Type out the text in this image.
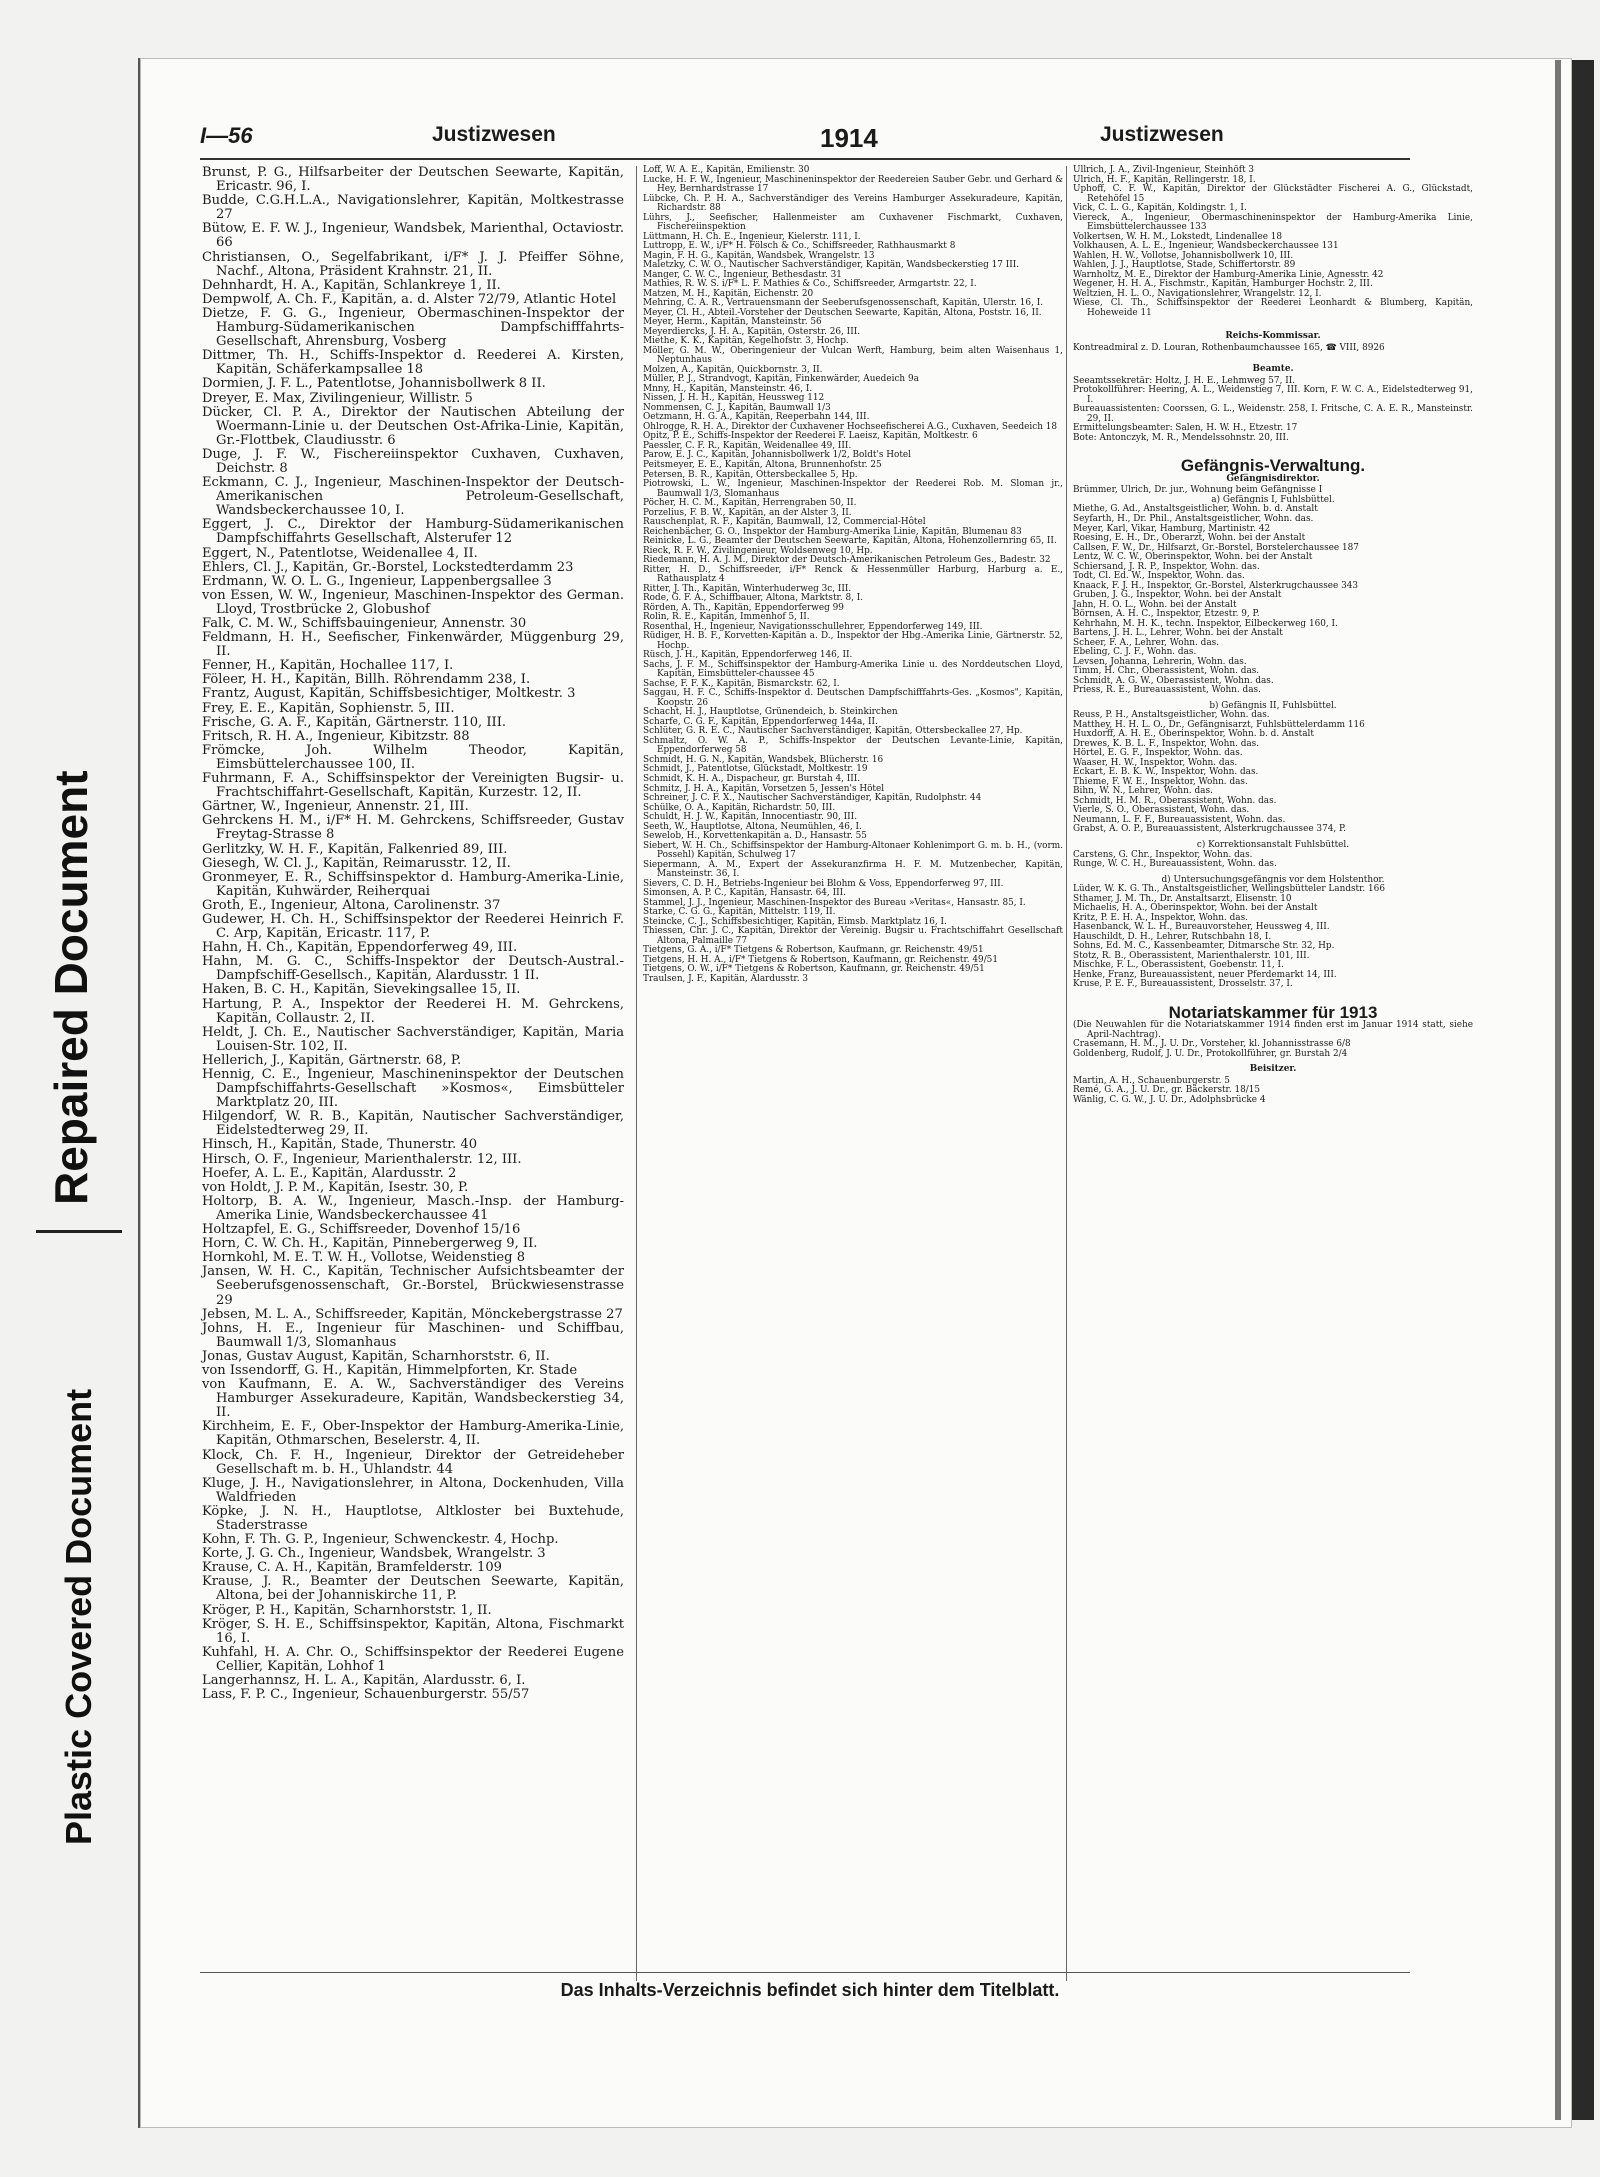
Repaired Document
Plastic Covered Document
I—56	Justizwesen	1914	Justizwesen

Brunst, P. G., Hilfsarbeiter der Deutschen Seewarte, Kapitän, Ericastr. 96, I.

Budde, C.G.H.L.A., Navigationslehrer, Kapitän, Moltkestrasse 27

Bütow, E. F. W. J., Ingenieur, Wandsbek, Marienthal, Octaviostr. 66

Christiansen, O., Segelfabrikant, i/F* J. J. Pfeiffer Söhne, Nachf., Altona, Präsident Krahnstr. 21, II.

Dehnhardt, H. A., Kapitän, Schlankreye 1, II.

Dempwolf, A. Ch. F., Kapitän, a. d. Alster 72/79, Atlantic Hotel

Dietze, F. G. G., Ingenieur, Obermaschinen-Inspektor der Hamburg-Südamerikanischen Dampfschifffahrts-Gesellschaft, Ahrensburg, Vosberg

Dittmer, Th. H., Schiffs-Inspektor d. Reederei A. Kirsten, Kapitän, Schäferkampsallee 18

Dormien, J. F. L., Patentlotse, Johannisbollwerk 8 II.

Dreyer, E. Max, Zivilingenieur, Willistr. 5

Dücker, Cl. P. A., Direktor der Nautischen Abteilung der Woermann-Linie u. der Deutschen Ost-Afrika-Linie, Kapitän, Gr.-Flottbek, Claudiusstr. 6

Duge, J. F. W., Fischereiinspektor Cuxhaven, Cuxhaven, Deichstr. 8

Eckmann, C. J., Ingenieur, Maschinen-Inspektor der Deutsch-Amerikanischen Petroleum-Gesellschaft, Wandsbeckerchaussee 10, I.

Eggert, J. C., Direktor der Hamburg-Südamerikanischen Dampfschiffahrts Gesellschaft, Alsterufer 12

Eggert, N., Patentlotse, Weidenallee 4, II.

Ehlers, Cl. J., Kapitän, Gr.-Borstel, Lockstedterdamm 23

Erdmann, W. O. L. G., Ingenieur, Lappenbergsallee 3

von Essen, W. W., Ingenieur, Maschinen-Inspektor des German. Lloyd, Trostbrücke 2, Globushof

Falk, C. M. W., Schiffsbauingenieur, Annenstr. 30

Feldmann, H. H., Seefischer, Finkenwärder, Müggenburg 29, II.

Fenner, H., Kapitän, Hochallee 117, I.

Föleer, H. H., Kapitän, Billh. Röhrendamm 238, I.

Frantz, August, Kapitän, Schiffsbesichtiger, Moltkestr. 3

Frey, E. E., Kapitän, Sophienstr. 5, III.

Frische, G. A. F., Kapitän, Gärtnerstr. 110, III.

Fritsch, R. H. A., Ingenieur, Kibitzstr. 88

Frömcke, Joh. Wilhelm Theodor, Kapitän, Eimsbüttelerchaussee 100, II.

Fuhrmann, F. A., Schiffsinspektor der Vereinigten Bugsir- u. Frachtschiffahrt-Gesellschaft, Kapitän, Kurzestr. 12, II.

Gärtner, W., Ingenieur, Annenstr. 21, III.

Gehrckens H. M., i/F* H. M. Gehrckens, Schiffsreeder, Gustav Freytag-Strasse 8

Gerlitzky, W. H. F., Kapitän, Falkenried 89, III.

Giesegh, W. Cl. J., Kapitän, Reimarusstr. 12, II.

Gronmeyer, E. R., Schiffsinspektor d. Hamburg-Amerika-Linie, Kapitän, Kuhwärder, Reiherquai

Groth, E., Ingenieur, Altona, Carolinenstr. 37

Gudewer, H. Ch. H., Schiffsinspektor der Reederei Heinrich F. C. Arp, Kapitän, Ericastr. 117, P.

Hahn, H. Ch., Kapitän, Eppendorferweg 49, III.

Hahn, M. G. C., Schiffs-Inspektor der Deutsch-Austral.-Dampfschiff-Gesellsch., Kapitän, Alardusstr. 1 II.

Haken, B. C. H., Kapitän, Sievekingsallee 15, II.

Hartung, P. A., Inspektor der Reederei H. M. Gehrckens, Kapitän, Collaustr. 2, II.

Heldt, J. Ch. E., Nautischer Sachverständiger, Kapitän, Maria Louisen-Str. 102, II.

Hellerich, J., Kapitän, Gärtnerstr. 68, P.

Hennig, C. E., Ingenieur, Maschineninspektor der Deutschen Dampfschiffahrts-Gesellschaft »Kosmos«, Eimsbütteler Marktplatz 20, III.

Hilgendorf, W. R. B., Kapitän, Nautischer Sachverständiger, Eidelstedterweg 29, II.

Hinsch, H., Kapitän, Stade, Thunerstr. 40

Hirsch, O. F., Ingenieur, Marienthalerstr. 12, III.

Hoefer, A. L. E., Kapitän, Alardusstr. 2

von Holdt, J. P. M., Kapitän, Isestr. 30, P.

Holtorp, B. A. W., Ingenieur, Masch.-Insp. der Hamburg-Amerika Linie, Wandsbeckerchaussee 41

Holtzapfel, E. G., Schiffsreeder, Dovenhof 15/16

Horn, C. W. Ch. H., Kapitän, Pinnebergerweg 9, II.

Hornkohl, M. E. T. W. H., Vollotse, Weidenstieg 8

Jansen, W. H. C., Kapitän, Technischer Aufsichtsbeamter der Seeberufsgenossenschaft, Gr.-Borstel, Brückwiesenstrasse 29

Jebsen, M. L. A., Schiffsreeder, Kapitän, Mönckebergstrasse 27

Johns, H. E., Ingenieur für Maschinen- und Schiffbau, Baumwall 1/3, Slomanhaus

Jonas, Gustav August, Kapitän, Scharnhorststr. 6, II.

von Issendorff, G. H., Kapitän, Himmelpforten, Kr. Stade

von Kaufmann, E. A. W., Sachverständiger des Vereins Hamburger Assekuradeure, Kapitän, Wandsbeckerstieg 34, II.

Kirchheim, E. F., Ober-Inspektor der Hamburg-Amerika-Linie, Kapitän, Othmarschen, Beselerstr. 4, II.

Klock, Ch. F. H., Ingenieur, Direktor der Getreideheber Gesellschaft m. b. H., Uhlandstr. 44

Kluge, J. H., Navigationslehrer, in Altona, Dockenhuden, Villa Waldfrieden

Köpke, J. N. H., Hauptlotse, Altkloster bei Buxtehude, Staderstrasse

Kohn, F. Th. G. P., Ingenieur, Schwenckestr. 4, Hochp.

Korte, J. G. Ch., Ingenieur, Wandsbek, Wrangelstr. 3

Krause, C. A. H., Kapitän, Bramfelderstr. 109

Krause, J. R., Beamter der Deutschen Seewarte, Kapitän, Altona, bei der Johanniskirche 11, P.

Kröger, P. H., Kapitän, Scharnhorststr. 1, II.

Kröger, S. H. E., Schiffsinspektor, Kapitän, Altona, Fischmarkt 16, I.

Kuhfahl, H. A. Chr. O., Schiffsinspektor der Reederei Eugene Cellier, Kapitän, Lohhof 1

Langerhannsz, H. L. A., Kapitän, Alardusstr. 6, I.

Lass, F. P. C., Ingenieur, Schauenburgerstr. 55/57

Loff, W. A. E., Kapitän, Emilienstr. 30

Lucke, H. F. W., Ingenieur, Maschineninspektor der Reedereien Sauber Gebr. und Gerhard & Hey, Bernhardstrasse 17

Lübcke, Ch. P. H. A., Sachverständiger des Vereins Hamburger Assekuradeure, Kapitän, Richardstr. 88

Lührs, J., Seefischer, Hallenmeister am Cuxhavener Fischmarkt, Cuxhaven, Fischereiinspektion

Lüttmann, H. Ch. E., Ingenieur, Kielerstr. 111, I.

Luttropp, E. W., i/F* H. Fölsch & Co., Schiffsreeder, Rathhausmarkt 8

Magin, F. H. G., Kapitän, Wandsbek, Wrangelstr. 13

Maletzky, C. W. O., Nautischer Sachverständiger, Kapitän, Wandsbeckerstieg 17 III.

Manger, C. W. C., Ingenieur, Bethesdastr. 31

Mathies, R. W. S. i/F* L. F. Mathies & Co., Schiffsreeder, Armgartstr. 22, I.

Matzen, M. H., Kapitän, Eichenstr. 20

Mehring, C. A. R., Vertrauensmann der Seeberufsgenossenschaft, Kapitän, Ulerstr. 16, I.

Meyer, Cl. H., Abteil.-Vorsteher der Deutschen Seewarte, Kapitän, Altona, Poststr. 16, II.

Meyer, Herm., Kapitän, Mansteinstr. 56

Meyerdiercks, J. H. A., Kapitän, Osterstr. 26, III.

Miethe, K. K., Kapitän, Kegelhofstr. 3, Hochp.

Möller, G. M. W., Oberingenieur der Vulcan Werft, Hamburg, beim alten Waisenhaus 1, Neptunhaus

Molzen, A., Kapitän, Quickbornstr. 3, II.

Müller, P. J., Strandvogt, Kapitän, Finkenwärder, Auedeich 9a

Mnny, H., Kapitän, Mansteinstr. 46, I.

Nissen, J. H. H., Kapitän, Heussweg 112

Nommensen, C. J., Kapitän, Baumwall 1/3

Oetzmann, H. G. A., Kapitän, Reeperbahn 144, III.

Ohlrogge, R. H. A., Direktor der Cuxhavener Hochseefischerei A.G., Cuxhaven, Seedeich 18

Opitz, P. E., Schiffs-Inspektor der Reederei F. Laeisz, Kapitän, Moltkestr. 6

Paessler, C. F. R., Kapitän, Weidenallee 49, III.

Parow, E. J. C., Kapitän, Johannisbollwerk 1/2, Boldt's Hotel

Peitsmeyer, E. E., Kapitän, Altona, Brunnenhofstr. 25

Petersen, B. R., Kapitän, Ottersbeckallee 5, Hp.

Piotrowski, L. W., Ingenieur, Maschinen-Inspektor der Reederei Rob. M. Sloman jr., Baumwall 1/3, Slomanhaus

Pöcher, H. C. M., Kapitän, Herrengraben 50, II.

Porzelius, F. B. W., Kapitän, an der Alster 3, II.

Rauschenplat, R. F., Kapitän, Baumwall, 12, Commercial-Hôtel

Reichenbächer, G. O., Inspektor der Hamburg-Amerika Linie, Kapitän, Blumenau 83

Reinicke, L. G., Beamter der Deutschen Seewarte, Kapitän, Altona, Hohenzollernring 65, II.

Rieck, R. F. W., Zivilingenieur, Woldsenweg 10, Hp.

Riedemann, H. A. J. M., Direktor der Deutsch-Amerikanischen Petroleum Ges., Badestr. 32

Ritter, H. D., Schiffsreeder, i/F* Renck & Hessenmüller Harburg, Harburg a. E., Rathausplatz 4

Ritter, J. Th., Kapitän, Winterhuderweg 3c, III.

Rode, G. F. A., Schiffbauer, Altona, Marktstr. 8, I.

Rörden, A. Th., Kapitän, Eppendorferweg 99

Rolin, R. E., Kapitän, Immenhof 5, II.

Rosenthal, H., Ingenieur, Navigationsschullehrer, Eppendorferweg 149, III.

Rüdiger, H. B. F., Korvetten-Kapitän a. D., Inspektor der Hbg.-Amerika Linie, Gärtnerstr. 52, Hochp.

Rüsch, J. H., Kapitän, Eppendorferweg 146, II.

Sachs, J. F. M., Schiffsinspektor der Hamburg-Amerika Linie u. des Norddeutschen Lloyd, Kapitän, Eimsbütteler-chaussee 45

Sachse, F. F. K., Kapitän, Bismarckstr. 62, I.

Saggau, H. F. C., Schiffs-Inspektor d. Deutschen Dampfschifffahrts-Ges. „Kosmos", Kapitän, Koopstr. 26

Schacht, H. J., Hauptlotse, Grünendeich, b. Steinkirchen

Scharfe, C. G. F., Kapitän, Eppendorferweg 144a, II.

Schlüter, G. R. E. C., Nautischer Sachverständiger, Kapitän, Ottersbeckallee 27, Hp.

Schmaltz, O. W. A. P., Schiffs-Inspektor der Deutschen Levante-Linie, Kapitän, Eppendorferweg 58

Schmidt, H. G. N., Kapitän, Wandsbek, Blücherstr. 16

Schmidt, J., Patentlotse, Glückstadt, Moltkestr. 19

Schmidt, K. H. A., Dispacheur, gr. Burstah 4, III.

Schmitz, J. H. A., Kapitän, Vorsetzen 5, Jessen's Hötel

Schreiner, J. C. F. X., Nautischer Sachverständiger, Kapitän, Rudolphstr. 44

Schülke, O. A., Kapitän, Richardstr. 50, III.

Schuldt, H. J. W., Kapitän, Innocentiastr. 90, III.

Seeth, W., Hauptlotse, Altona, Neumühlen, 46, I.

Sewelob, H., Korvettenkapitän a. D., Hansastr. 55

Siebert, W. H. Ch., Schiffsinspektor der Hamburg-Altonaer Kohlenimport G. m. b. H., (vorm. Possehl) Kapitän, Schulweg 17

Siepermann, A. M., Expert der Assekuranzfirma H. F. M. Mutzenbecher, Kapitän, Mansteinstr. 36, I.

Sievers, C. D. H., Betriebs-Ingenieur bei Blohm & Voss, Eppendorferweg 97, III.

Simonsen, A. P. C., Kapitän, Hansastr. 64, III.

Stammel, J. J., Ingenieur, Maschinen-Inspektor des Bureau »Veritas«, Hansastr. 85, I.

Starke, C. G. G., Kapitän, Mittelstr. 119, II.

Steincke, C. J., Schiffsbesichtiger, Kapitän, Eimsb. Marktplatz 16, I.

Thiessen, Chr. J. C., Kapitän, Direktor der Vereinig. Bugsir u. Frachtschiffahrt Gesellschaft Altona, Palmaille 77

Tietgens, G. A., i/F* Tietgens & Robertson, Kaufmann, gr. Reichenstr. 49/51

Tietgens, H. H. A., i/F* Tietgens & Robertson, Kaufmann, gr. Reichenstr. 49/51

Tietgens, O. W., i/F* Tietgens & Robertson, Kaufmann, gr. Reichenstr. 49/51

Traulsen, J. F., Kapitän, Alardusstr. 3

Ullrich, J. A., Zivil-Ingenieur, Steinhöft 3

Ulrich, H. F., Kapitän, Rellingerstr. 18, I.

Uphoff, C. F. W., Kapitän, Direktor der Glückstädter Fischerei A. G., Glückstadt, Retehöfel 15

Vick, C. L. G., Kapitän, Koldingstr. 1, I.

Viereck, A., Ingenieur, Obermaschineninspektor der Hamburg-Amerika Linie, Eimsbüttelerchaussee 133

Volkertsen, W. H. M., Lokstedt, Lindenallee 18

Volkhausen, A. L. E., Ingenieur, Wandsbeckerchaussee 131

Wahlen, H. W., Vollotse, Johannisbollwerk 10, III.

Wahlen, J. J., Hauptlotse, Stade, Schiffertorstr. 89

Warnholtz, M. E., Direktor der Hamburg-Amerika Linie, Agnesstr. 42

Wegener, H. H. A., Fischmstr., Kapitän, Hamburger Hochstr. 2, III.

Weltzien, H. L. O., Navigationslehrer, Wrangelstr. 12, I.

Wiese, Cl. Th., Schiffsinspektor der Reederei Leonhardt & Blumberg, Kapitän, Hoheweide 11

Reichs-Kommissar.

Kontreadmiral z. D. Louran, Rothenbaumchaussee 165, ☎ VIII, 8926

Beamte.

Seeamtssekretär: Holtz, J. H. E., Lehmweg 57, II.

Protokollführer: Heering, A. L., Weidenstieg 7, III. Korn, F. W. C. A., Eidelstedterweg 91, I.

Bureauassistenten: Coorssen, G. L., Weidenstr. 258, I. Fritsche, C. A. E. R., Mansteinstr. 29, II.

Ermittelungsbeamter: Salen, H. W. H., Etzestr. 17

Bote: Antonczyk, M. R., Mendelssohnstr. 20, III.

Gefängnis-Verwaltung.
Gefängnisdirektor.

Brümmer, Ulrich, Dr. jur., Wohnung beim Gefängnisse I

a) Gefängnis I, Fuhlsbüttel.

Miethe, G. Ad., Anstaltsgeistlicher, Wohn. b. d. Anstalt

Seyfarth, H., Dr. Phil., Anstaltsgeistlicher, Wohn. das.

Meyer, Karl, Vikar, Hamburg, Martinistr. 42

Roesing, E. H., Dr., Oberarzt, Wohn. bei der Anstalt

Callsen, F. W., Dr., Hilfsarzt, Gr.-Borstel, Borstelerchaussee 187

Lentz, W. C. W., Oberinspektor, Wohn. bei der Anstalt

Schiersand, J. R. P., Inspektor, Wohn. das.

Todt, Cl. Ed. W., Inspektor, Wohn. das.

Knaack, F. J. H., Inspektor, Gr.-Borstel, Alsterkrugchaussee 343

Gruben, J. G., Inspektor, Wohn. bei der Anstalt

Jahn, H. O. L., Wohn. bei der Anstalt

Börnsen, A. H. C., Inspektor, Etzestr. 9, P.

Kehrhahn, M. H. K., techn. Inspektor, Eilbeckerweg 160, I.

Bartens, J. H. L., Lehrer, Wohn. bei der Anstalt

Scheer, F. A., Lehrer, Wohn. das.

Ebeling, C. J. F., Wohn. das.

Levsen, Johanna, Lehrerin, Wohn. das.

Timm, H. Chr., Oberassistent, Wohn. das.

Schmidt, A. G. W., Oberassistent, Wohn. das.

Priess, R. E., Bureauassistent, Wohn. das.

b) Gefängnis II, Fuhlsbüttel.

Reuss, P. H., Anstaltsgeistlicher, Wohn. das.

Matthey, H. H. L. O., Dr., Gefängnisarzt, Fuhlsbüttelerdamm 116

Huxdorff, A. H. E., Oberinspektor, Wohn. b. d. Anstalt

Drewes, K. B. L. F., Inspektor, Wohn. das.

Hörtel, E. G. F., Inspektor, Wohn. das.

Waaser, H. W., Inspektor, Wohn. das.

Eckart, E. B. K. W., Inspektor, Wohn. das.

Thieme, F. W. E., Inspektor, Wohn. das.

Bihn, W. N., Lehrer, Wohn. das.

Schmidt, H. M. R., Oberassistent, Wohn. das.

Vierle, S. O., Oberassistent, Wohn. das.

Neumann, L. F. F., Bureauassistent, Wohn. das.

Grabst, A. O. P., Bureauassistent, Alsterkrugchaussee 374, P.

c) Korrektionsanstalt Fuhlsbüttel.

Carstens, G. Chr., Inspektor, Wohn. das.

Runge, W. C. H., Bureauassistent, Wohn. das.

d) Untersuchungsgefängnis vor dem Holstenthor.

Lüder, W. K. G. Th., Anstaltsgeistlicher, Wellingsbütteler Landstr. 166

Sthamer, J. M. Th., Dr. Anstaltsarzt, Elisenstr. 10

Michaelis, H. A., Oberinspektor, Wohn. bei der Anstalt

Kritz, P. E. H. A., Inspektor, Wohn. das.

Hasenbanck, W. L. H., Bureauvorsteher, Heussweg 4, III.

Hauschildt, D. H., Lehrer, Rutschbahn 18, I.

Sohns, Ed. M. C., Kassenbeamter, Ditmarsche Str. 32, Hp.

Stotz, R. B., Oberassistent, Marienthalerstr. 101, III.

Mischke, F. L., Oberassistent, Goebenstr. 11, I.

Henke, Franz, Bureauassistent, neuer Pferdemarkt 14, III.

Kruse, P. E. F., Bureauassistent, Drosselstr. 37, I.

Notariatskammer für 1913

(Die Neuwahlen für die Notariatskammer 1914 finden erst im Januar 1914 statt, siehe April-Nachtrag).

Crasemann, H. M., J. U. Dr., Vorsteher, kl. Johannisstrasse 6/8

Goldenberg, Rudolf, J. U. Dr., Protokollführer, gr. Burstah 2/4

Beisitzer.

Martin, A. H., Schauenburgerstr. 5

Remé, G. A., J. U. Dr., gr. Bäckerstr. 18/15

Wänlig, C. G. W., J. U. Dr., Adolphsbrücke 4

Das Inhalts-Verzeichnis befindet sich hinter dem Titelblatt.
